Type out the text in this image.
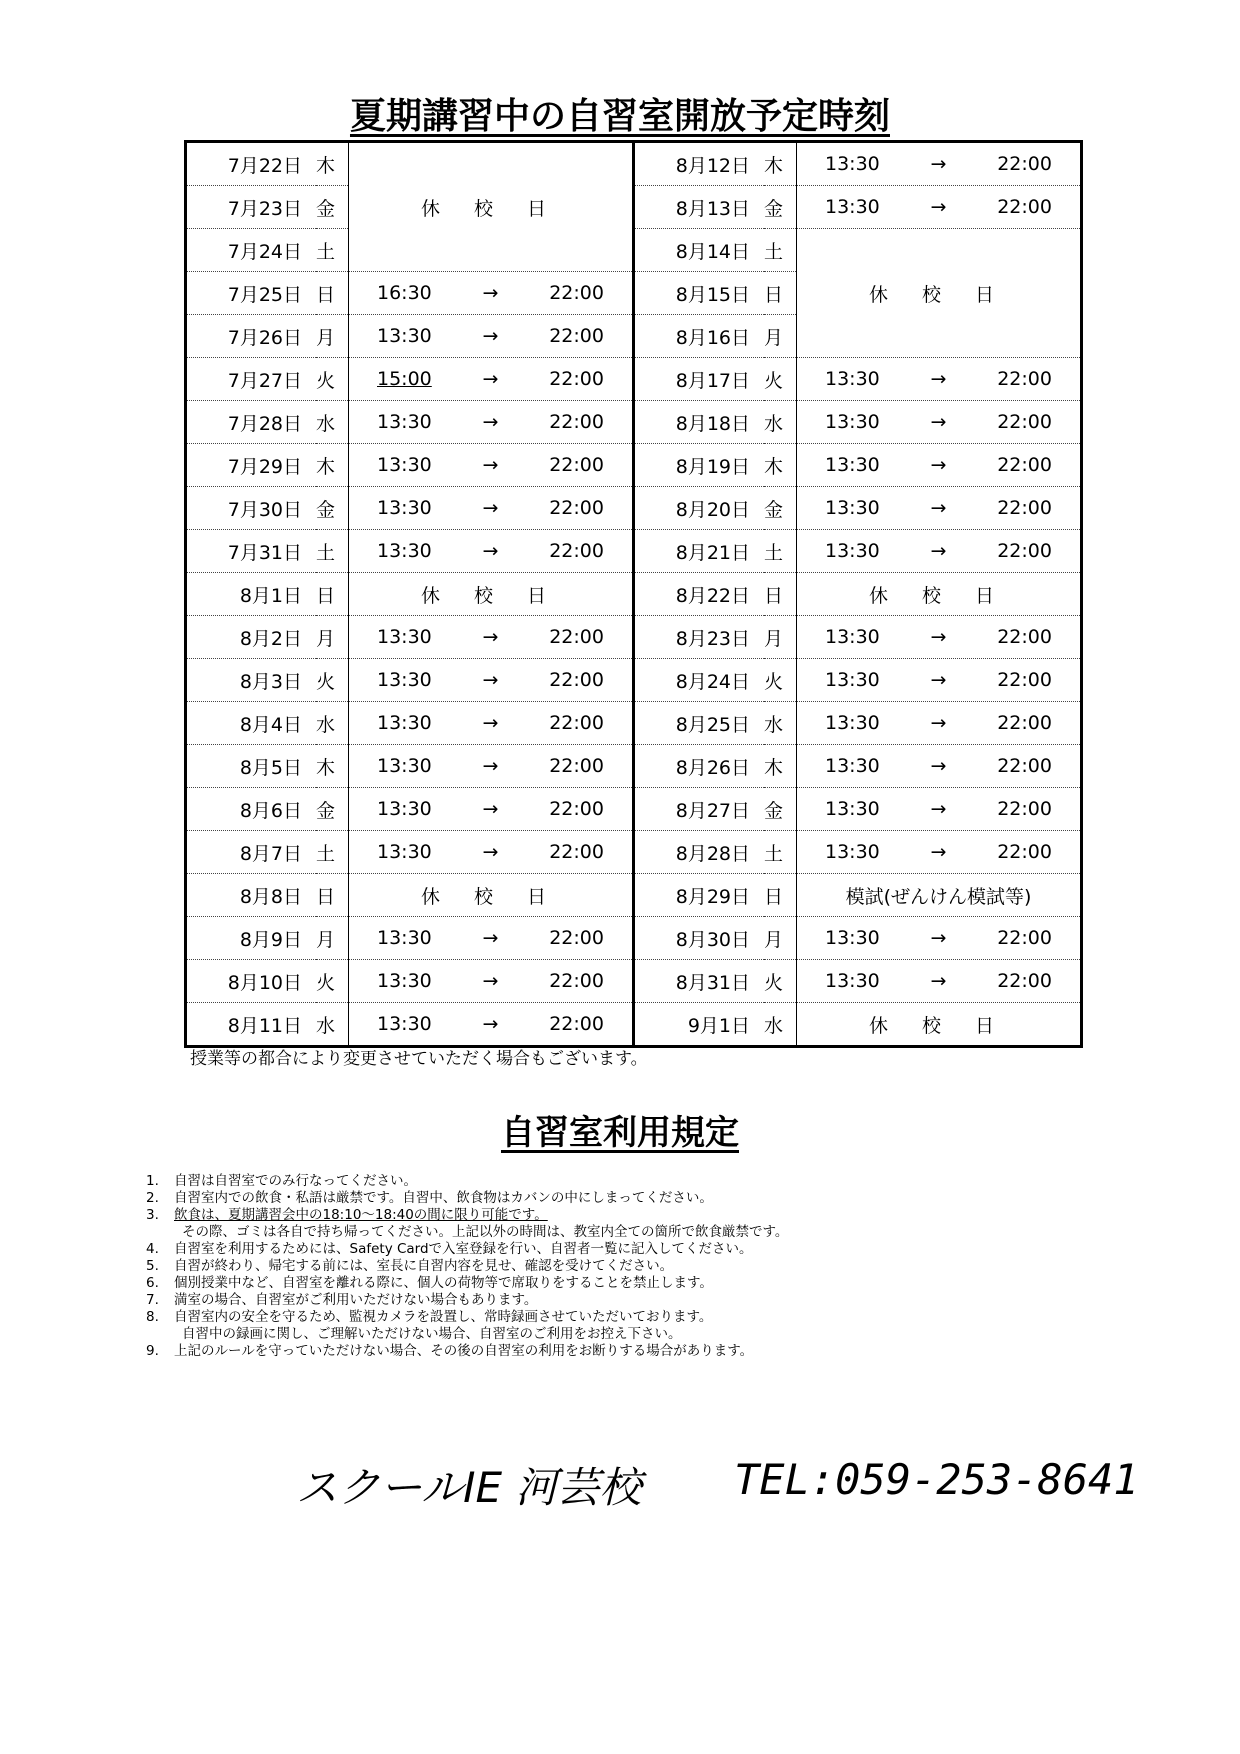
夏期講習中の自習室開放予定時刻
7月22日	木	休 校 日	8月12日	木	13:30 → 22:00

7月23日	金		8月13日	金	13:30 → 22:00

7月24日	土		8月14日	土	休 校 日
7月25日	日	16:30 → 22:00	8月15日	日	
7月26日	月	13:30 → 22:00	8月16日	月	
7月27日	火	15:00 → 22:00	8月17日	火	13:30 → 22:00

7月28日	水	13:30 → 22:00	8月18日	水	13:30 → 22:00

7月29日	木	13:30 → 22:00	8月19日	木	13:30 → 22:00

7月30日	金	13:30 → 22:00	8月20日	金	13:30 → 22:00

7月31日	土	13:30 → 22:00	8月21日	土	13:30 → 22:00

8月1日	日	休 校 日	8月22日	日	休 校 日
8月2日	月	13:30 → 22:00	8月23日	月	13:30 → 22:00

8月3日	火	13:30 → 22:00	8月24日	火	13:30 → 22:00

8月4日	水	13:30 → 22:00	8月25日	水	13:30 → 22:00

8月5日	木	13:30 → 22:00	8月26日	木	13:30 → 22:00

8月6日	金	13:30 → 22:00	8月27日	金	13:30 → 22:00

8月7日	土	13:30 → 22:00	8月28日	土	13:30 → 22:00

8月8日	日	休 校 日	8月29日	日	模試(ぜんけん模試等)
8月9日	月	13:30 → 22:00	8月30日	月	13:30 → 22:00

8月10日	火	13:30 → 22:00	8月31日	火	13:30 → 22:00

8月11日	水	13:30 → 22:00	9月1日	水	休 校 日

授業等の都合により変更させていただく場合もございます。

自習室利用規定
1.	自習は自習室でのみ行なってください。
2.	自習室内での飲食・私語は厳禁です。自習中、飲食物はカバンの中にしまってください。
3.	飲食は、夏期講習会中の18:10～18:40の間に限り可能です。
その際、ゴミは各自で持ち帰ってください。上記以外の時間は、教室内全ての箇所で飲食厳禁です。
4.	自習室を利用するためには、Safety Cardで入室登録を行い、自習者一覧に記入してください。
5.	自習が終わり、帰宅する前には、室長に自習内容を見せ、確認を受けてください。
6.	個別授業中など、自習室を離れる際に、個人の荷物等で席取りをすることを禁止します。
7.	満室の場合、自習室がご利用いただけない場合もあります。
8.	自習室内の安全を守るため、監視カメラを設置し、常時録画させていただいております。
自習中の録画に関し、ご理解いただけない場合、自習室のご利用をお控え下さい。
9.	上記のルールを守っていただけない場合、その後の自習室の利用をお断りする場合があります。

スクールIE 河芸校 TEL:059-253-8641
